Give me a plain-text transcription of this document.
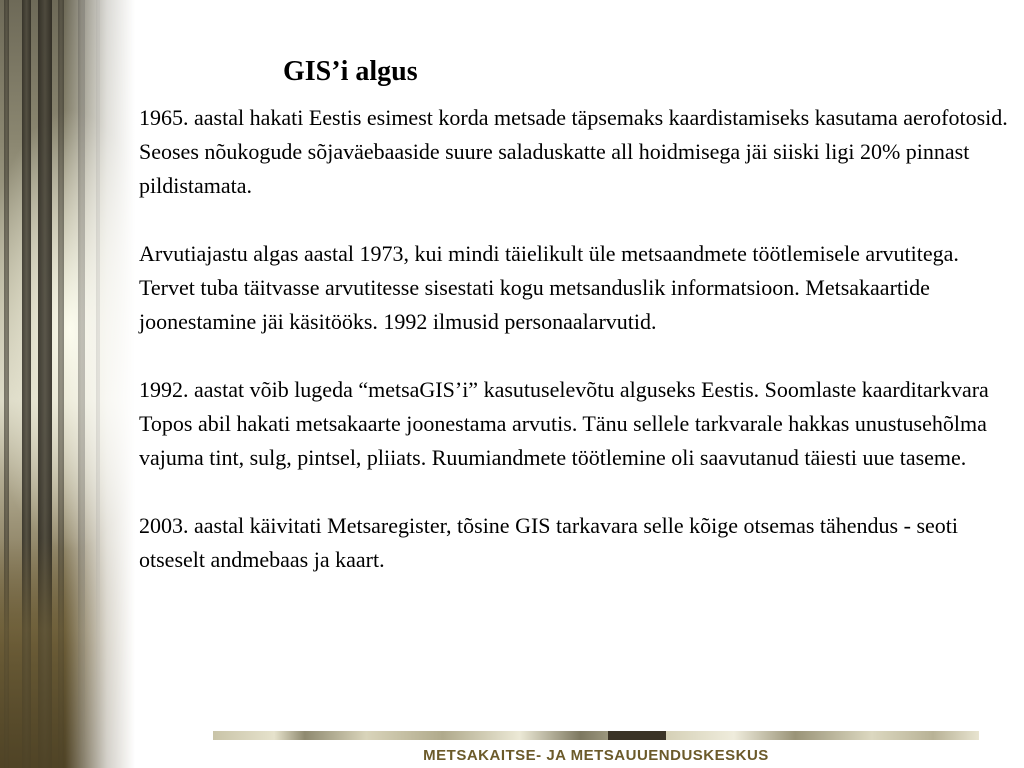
GIS’i algus

1965. aastal hakati Eestis esimest korda metsade täpsemaks kaardistamiseks kasutama aerofotosid. Seoses nõukogude sõjaväebaaside suure saladuskatte all hoidmisega jäi siiski ligi 20% pinnast pildistamata.

Arvutiajastu algas aastal 1973, kui mindi täielikult üle metsaandmete töötlemisele arvutitega. Tervet tuba täitvasse arvutitesse sisestati kogu metsanduslik informatsioon. Metsakaartide joonestamine jäi käsitööks. 1992 ilmusid personaalarvutid.

1992. aastat võib lugeda “metsaGIS’i” kasutuselevõtu alguseks Eestis. Soomlaste kaarditarkvara Topos abil hakati metsakaarte joonestama arvutis. Tänu sellele tarkvarale hakkas unustusehõlma vajuma tint, sulg, pintsel, pliiats. Ruumiandmete töötlemine oli saavutanud täiesti uue taseme.

2003. aastal käivitati Metsaregister, tõsine GIS tarkavara selle kõige otsemas tähendus - seoti otseselt andmebaas ja kaart.

METSAKAITSE- JA METSAUUENDUSKESKUS
